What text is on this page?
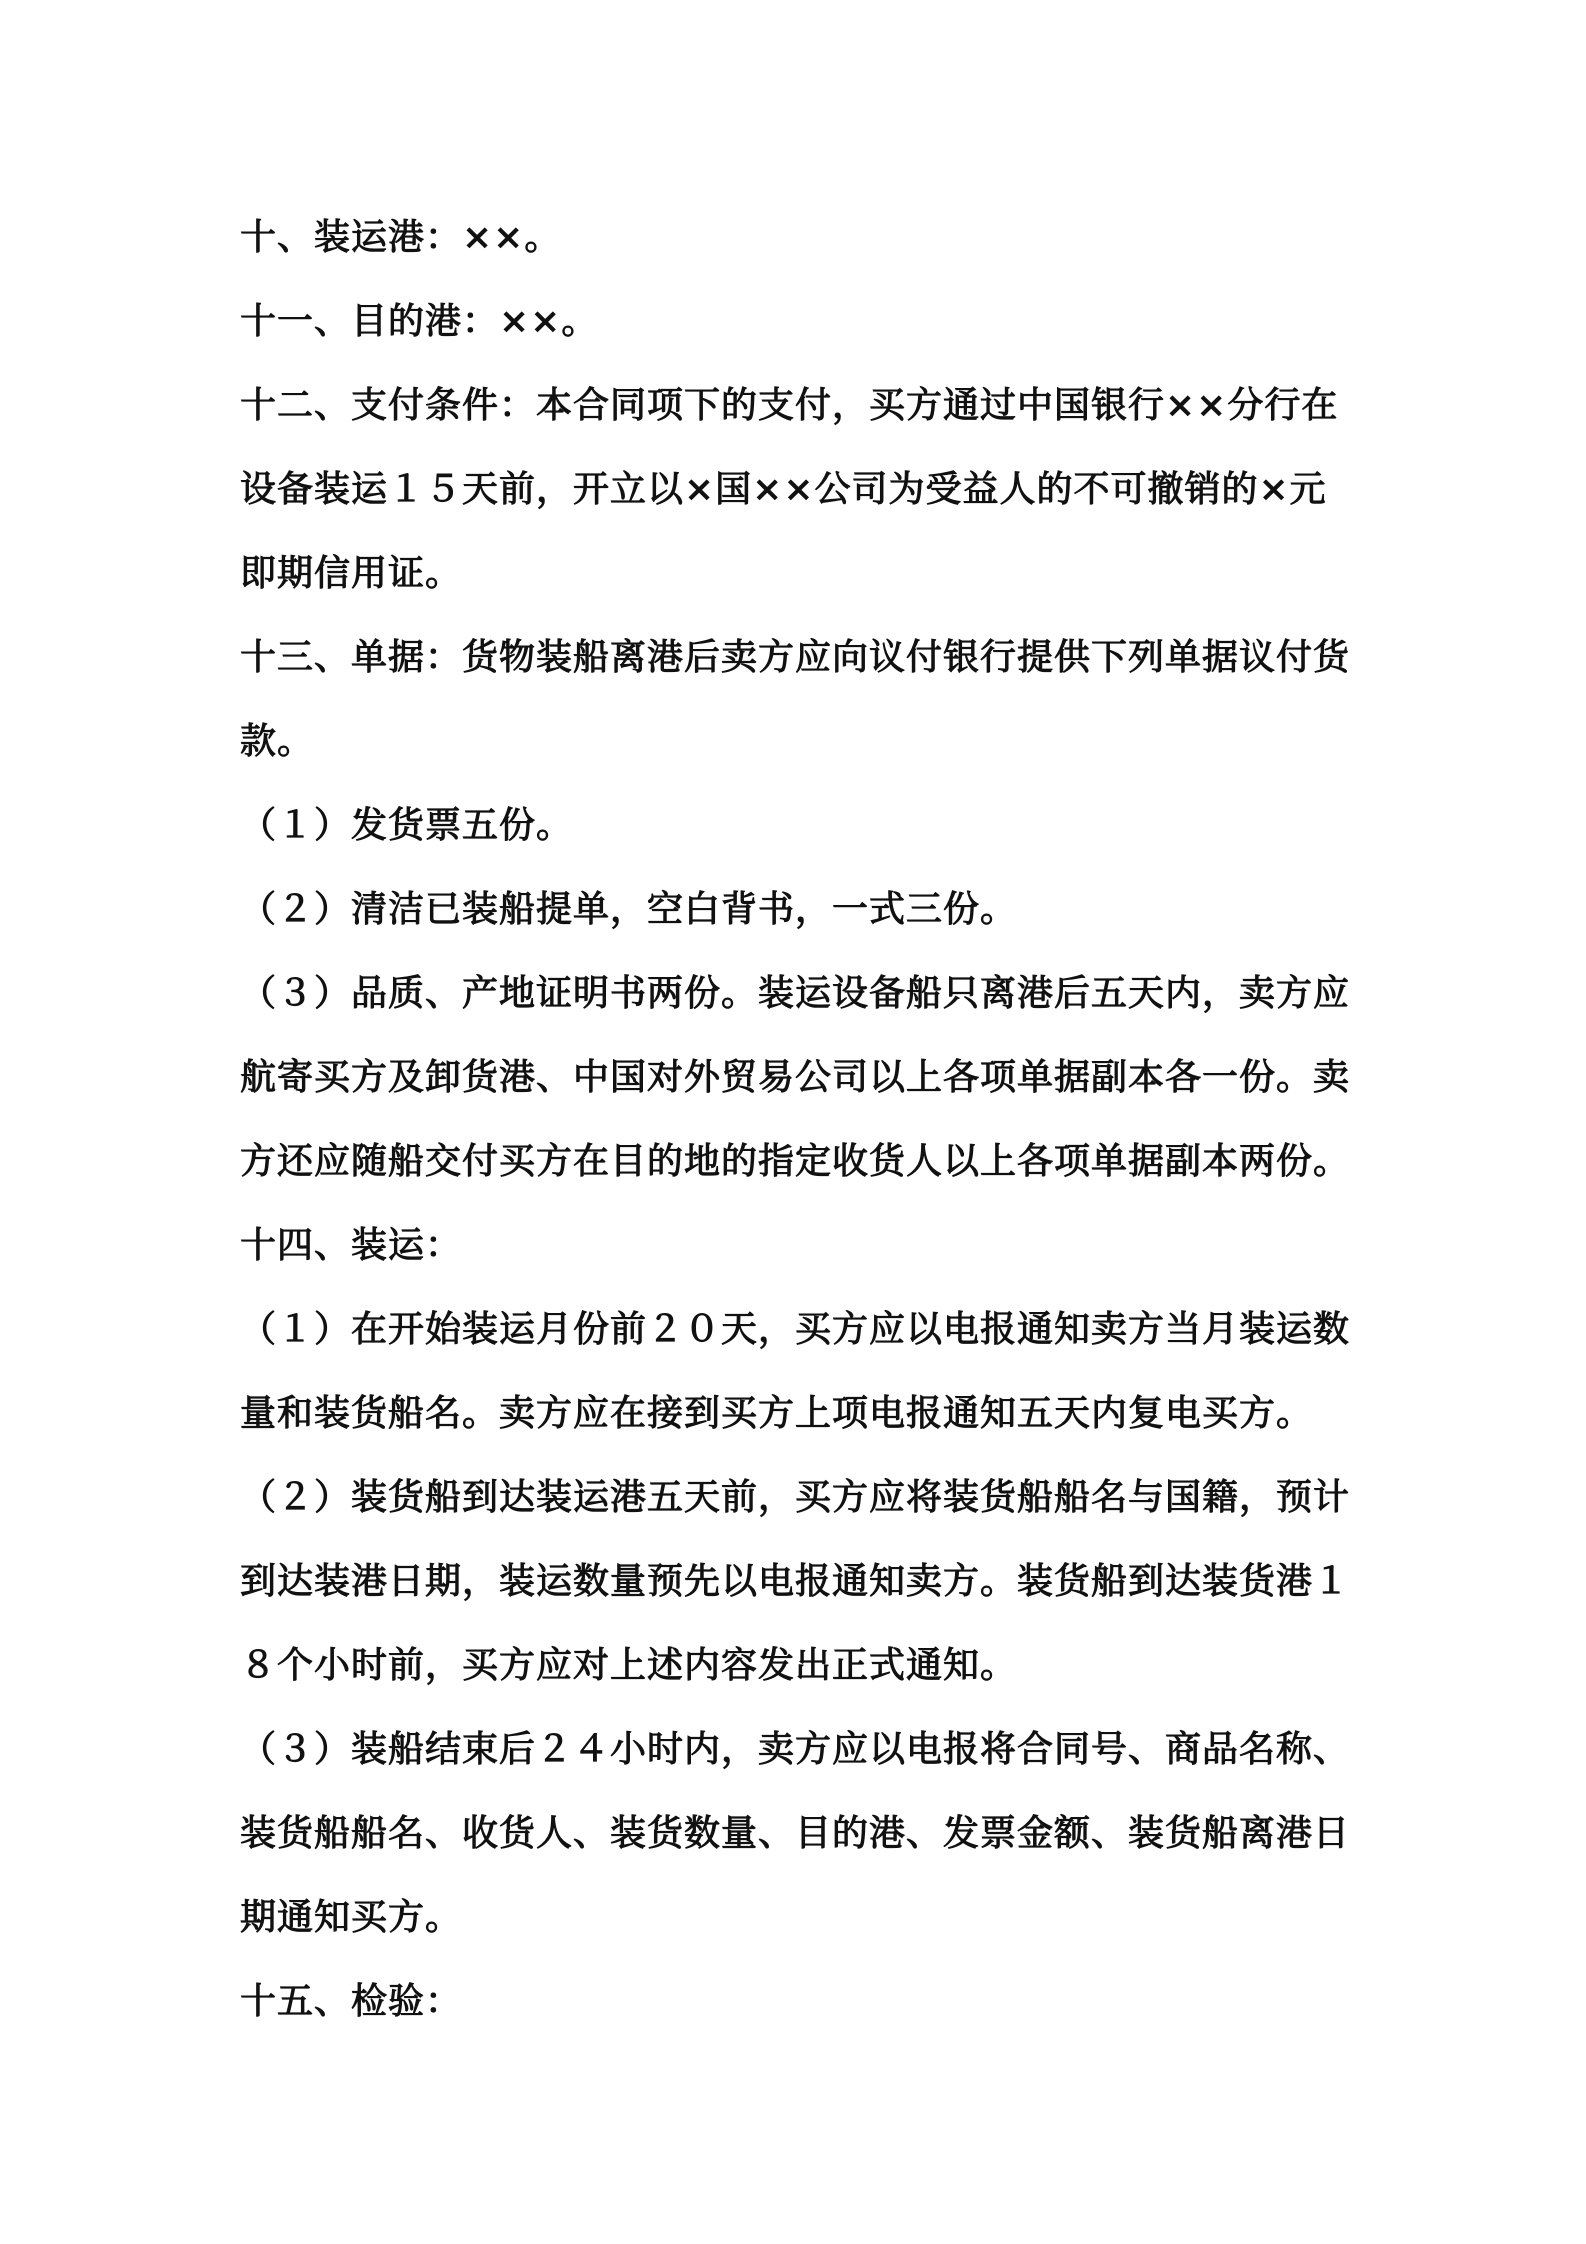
十、装运港：××。

十一、目的港：××。

十二、支付条件：本合同项下的支付，买方通过中国银行××分行在设备装运１５天前，开立以×国××公司为受益人的不可撤销的×元即期信用证。

十三、单据：货物装船离港后卖方应向议付银行提供下列单据议付货款。

（１）发货票五份。

（２）清洁已装船提单，空白背书，一式三份。

（３）品质、产地证明书两份。装运设备船只离港后五天内，卖方应航寄买方及卸货港、中国对外贸易公司以上各项单据副本各一份。卖方还应随船交付买方在目的地的指定收货人以上各项单据副本两份。

十四、装运：

（１）在开始装运月份前２０天，买方应以电报通知卖方当月装运数量和装货船名。卖方应在接到买方上项电报通知五天内复电买方。

（２）装货船到达装运港五天前，买方应将装货船船名与国籍，预计到达装港日期，装运数量预先以电报通知卖方。装货船到达装货港１８个小时前，买方应对上述内容发出正式通知。

（３）装船结束后２４小时内，卖方应以电报将合同号、商品名称、装货船船名、收货人、装货数量、目的港、发票金额、装货船离港日期通知买方。

十五、检验：
